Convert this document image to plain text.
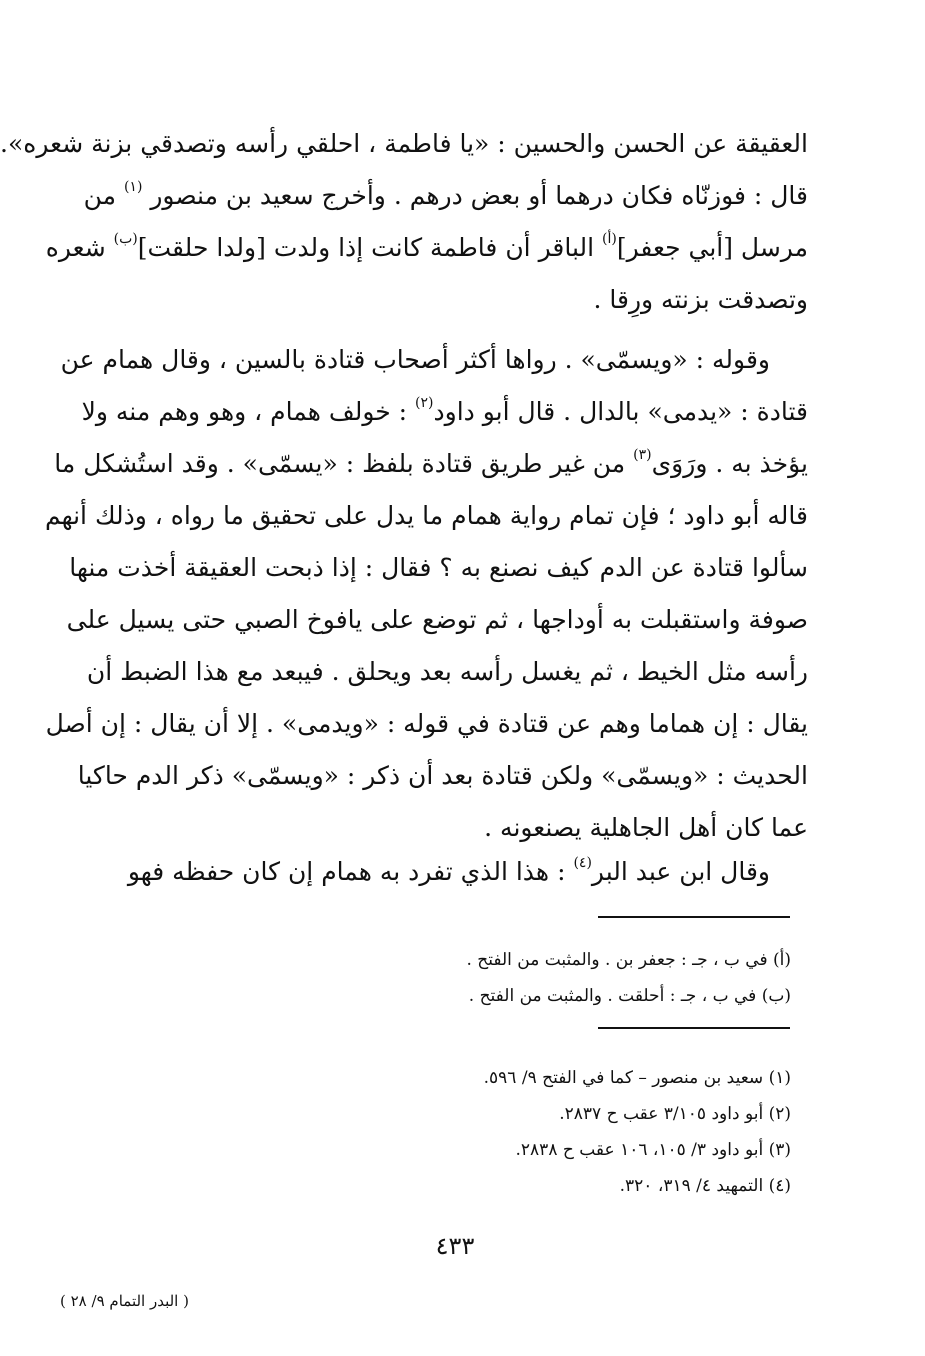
العقيقة عن الحسن والحسين : «يا فاطمة ، احلقي رأسه وتصدقي بزنة شعره».
قال : فوزنّاه فكان درهما أو بعض درهم . وأخرج سعيد بن منصور $^{(١)}$ من
مرسل [أبي جعفر]$^{(أ)}$ الباقر أن فاطمة كانت إذا ولدت [ولدا حلقت]$^{(ب)}$ شعره
وتصدقت بزنته ورِقا .
وقوله : «ويسمّى» . رواها أكثر أصحاب قتادة بالسين ، وقال همام عن
قتادة : «يدمى» بالدال . قال أبو داود$^{(٢)}$ : خولف همام ، وهو وهم منه ولا
يؤخذ به . ورَوَى$^{(٣)}$ من غير طريق قتادة بلفظ : «يسمّى» . وقد استُشكل ما
قاله أبو داود ؛ فإن تمام رواية همام ما يدل على تحقيق ما رواه ، وذلك أنهم
سألوا قتادة عن الدم كيف نصنع به ؟ فقال : إذا ذبحت العقيقة أخذت منها
صوفة واستقبلت به أوداجها ، ثم توضع على يافوخ الصبي حتى يسيل على
رأسه مثل الخيط ، ثم يغسل رأسه بعد ويحلق . فيبعد مع هذا الضبط أن
يقال : إن هماما وهم عن قتادة في قوله : «ويدمى» . إلا أن يقال : إن أصل
الحديث : «ويسمّى» ولكن قتادة بعد أن ذكر : «ويسمّى» ذكر الدم حاكيا
عما كان أهل الجاهلية يصنعونه .
وقال ابن عبد البر$^{(٤)}$ : هذا الذي تفرد به همام إن كان حفظه فهو
(أ) في ب ، جـ : جعفر بن . والمثبت من الفتح .
(ب) في ب ، جـ : أحلقت . والمثبت من الفتح .
(١) سعيد بن منصور – كما في الفتح ٩/ ٥٩٦.
(٢) أبو داود ٣/١٠٥ عقب ح ٢٨٣٧.
(٣) أبو داود ٣/ ١٠٥، ١٠٦ عقب ح ٢٨٣٨.
(٤) التمهيد ٤/ ٣١٩، ٣٢٠.
٤٣٣
( البدر التمام ٩/ ٢٨ )
